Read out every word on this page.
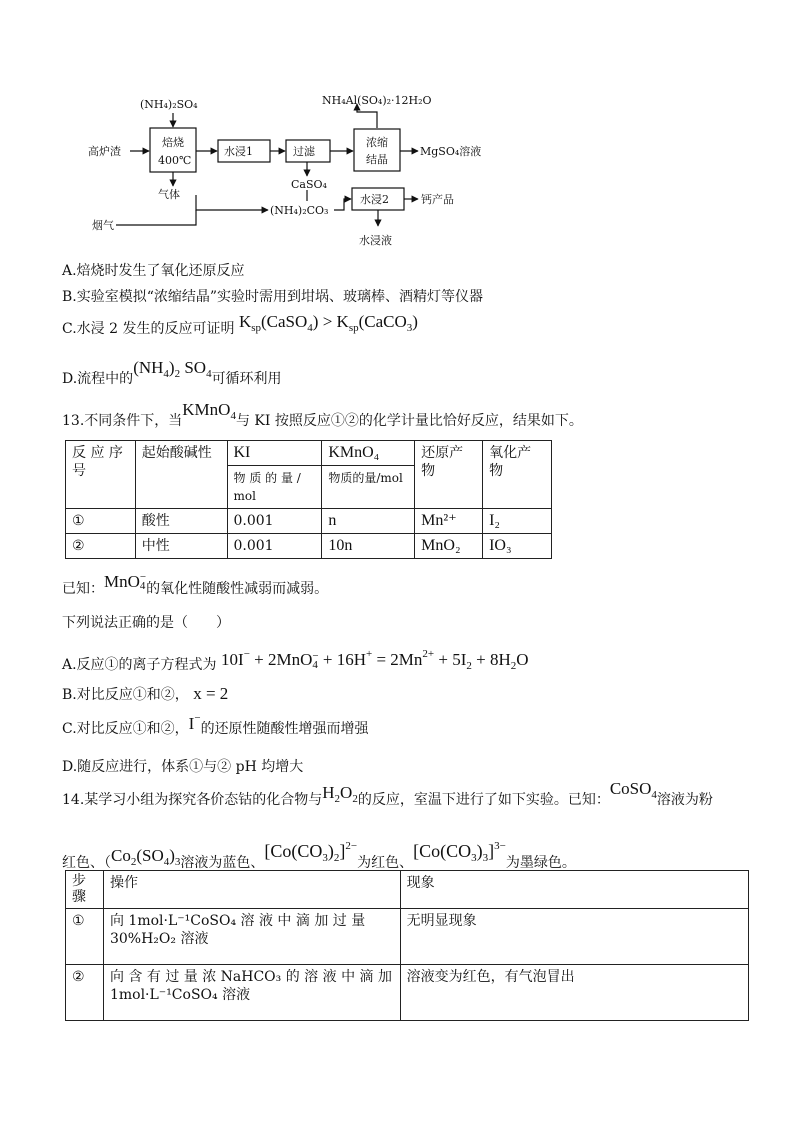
(NH₄)₂SO₄
高炉渣
焙烧
400℃
水浸1	过滤
浓缩
结晶
NH₄Al(SO₄)₂·12H₂O
MgSO₄溶液
气体
CaSO₄
烟气
(NH₄)₂CO₃
水浸2	钙产品
水浸液
A.焙烧时发生了氧化还原反应
B.实验室模拟“浓缩结晶”实验时需用到坩埚、玻璃棒、酒精灯等仪器
C.水浸 2 发生的反应可证明 $K_{sp}(CaSO_4)$ > $K_{sp}(CaCO_3)$
D.流程中的$(NH_4)_2$ $SO_4$可循环利用
13.不同条件下，当KMnO$_4$与 KI 按照反应①②的化学计量比恰好反应，结果如下。
反 应 序号	起始酸碱性	KI	KMnO₄	还原产物	氧化产物
		物 质 的 量 / mol	物质的量/mol		
①	酸性	0.001	n	Mn²⁺	I₂
②	中性	0.001	10n	MnO₂	IO₃
已知：MnO −
4 的氧化性随酸性减弱而减弱。
下列说法正确的是（　　）
A.反应①的离子方程式为 10I− + 2MnO −
$4 + 16H^+ = 2Mn^{2+} + 5I_2 + 8H_2O$
B.对比反应①和②， x = 2
C.对比反应①和②，I−的还原性随酸性增强而增强
D.随反应进行，体系①与② pH 均增大
14.某学习小组为探究各价态钴的化合物与$H_2O_2$的反应，室温下进行了如下实验。已知：CoSO$_4$溶液为粉
红色、（$Co_2(SO_4)_3$溶液为蓝色、$[Co(CO_3)_2]^{2-}$为红色、$[Co(CO_3)_3]^{3-}$为墨绿色。
步骤	操作	现象
①	向 1mol·L⁻¹CoSO₄ 溶 液 中 滴 加 过 量
30%H₂O₂ 溶液	无明显现象
②	向 含 有 过 量 浓 NaHCO₃ 的 溶 液 中 滴 加
1mol·L⁻¹CoSO₄ 溶液	溶液变为红色，有气泡冒出
